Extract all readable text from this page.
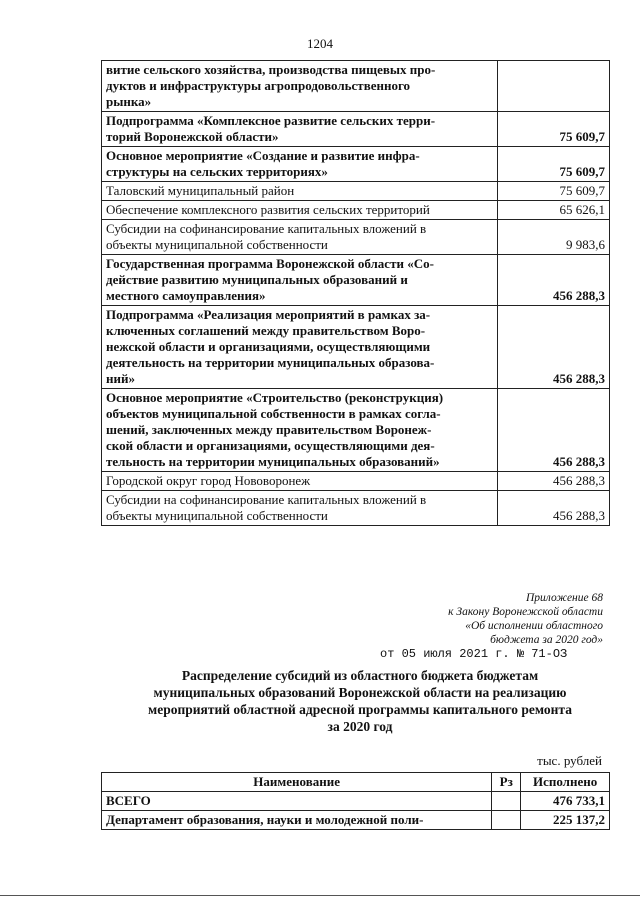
1204
витие сельского хозяйства, производства пищевых про-
дуктов и инфраструктуры агропродовольственного
рынка»	
Подпрограмма «Комплексное развитие сельских терри-
торий Воронежской области»	75 609,7
Основное мероприятие «Создание и развитие инфра-
структуры на сельских территориях»	75 609,7
Таловский муниципальный район	75 609,7
Обеспечение комплексного развития сельских территорий	65 626,1
Субсидии на софинансирование капитальных вложений в
объекты муниципальной собственности	9 983,6
Государственная программа Воронежской области «Со-
действие развитию муниципальных образований и
местного самоуправления»	456 288,3
Подпрограмма «Реализация мероприятий в рамках за-
ключенных соглашений между правительством Воро-
нежской области и организациями, осуществляющими
деятельность на территории муниципальных образова-
ний»	456 288,3
Основное мероприятие «Строительство (реконструкция)
объектов муниципальной собственности в рамках согла-
шений, заключенных между правительством Воронеж-
ской области и организациями, осуществляющими дея-
тельность на территории муниципальных образований»	456 288,3
Городской округ город Нововоронеж	456 288,3
Субсидии на софинансирование капитальных вложений в
объекты муниципальной собственности	456 288,3
Приложение 68
к Закону Воронежской области
«Об исполнении областного
бюджета за 2020 год»
от 05 июля 2021 г. № 71-ОЗ
Распределение субсидий из областного бюджета бюджетам
муниципальных образований Воронежской области на реализацию
мероприятий областной адресной программы капитального ремонта
за 2020 год
тыс. рублей
Наименование	Рз	Исполнено
ВСЕГО		476 733,1
Департамент образования, науки и молодежной поли-		225 137,2
